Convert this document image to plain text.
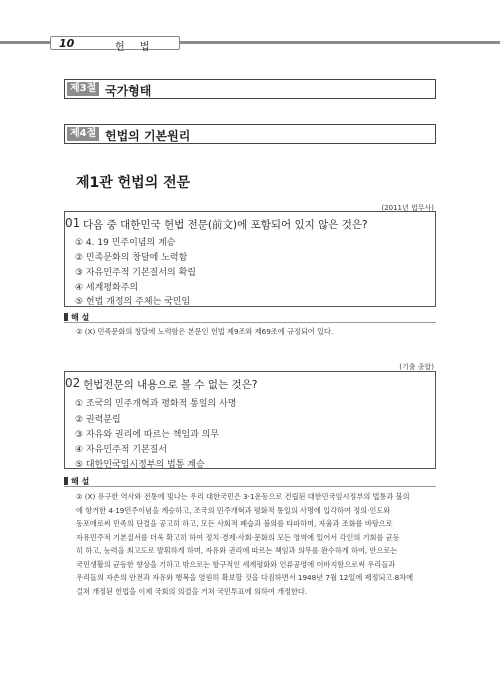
10	헌 법
제3절 국가형태
제4절 헌법의 기본원리
제1관 헌법의 전문
(2011년 법무사)
01 다음 중 대한민국 헌법 전문(前文)에 포함되어 있지 않은 것은?
① 4. 19 민주이념의 계승
② 민족문화의 창달에 노력함
③ 자유민주적 기본질서의 확립
④ 세계평화주의
⑤ 헌법 개정의 주체는 국민임
해 설
② (X) 민족문화의 창달에 노력함은 본문인 헌법 제9조와 제69조에 규정되어 있다.
(기출 종합)
02 헌법전문의 내용으로 볼 수 없는 것은?
① 조국의 민주개혁과 평화적 통일의 사명
② 권력분립
③ 자유와 권리에 따르는 책임과 의무
④ 자유민주적 기본질서
⑤ 대한민국임시정부의 법통 계승
해 설
② (X) 유구한 역사와 전통에 빛나는 우리 대한국민은 3·1운동으로 건립된 대한민국임시정부의 법통과 불의
에 항거한 4·19민주이념을 계승하고, 조국의 민주개혁과 평화적 통일의 사명에 입각하여 정의·인도와
동포애로써 민족의 단결을 공고히 하고, 모든 사회적 폐습과 불의를 타파하며, 자율과 조화를 바탕으로
자유민주적 기본질서를 더욱 확고히 하여 정치·경제·사회·문화의 모든 영역에 있어서 각인의 기회를 균등
히 하고, 능력을 최고도로 발휘하게 하며, 자유와 권리에 따르는 책임과 의무를 완수하게 하여, 안으로는
국민생활의 균등한 향상을 기하고 밖으로는 항구적인 세계평화와 인류공영에 이바지함으로써 우리들과
우리들의 자손의 안전과 자유와 행복을 영원히 확보할 것을 다짐하면서 1948년 7월 12일에 제정되고 8차에
걸쳐 개정된 헌법을 이제 국회의 의결을 거쳐 국민투표에 의하여 개정한다.
